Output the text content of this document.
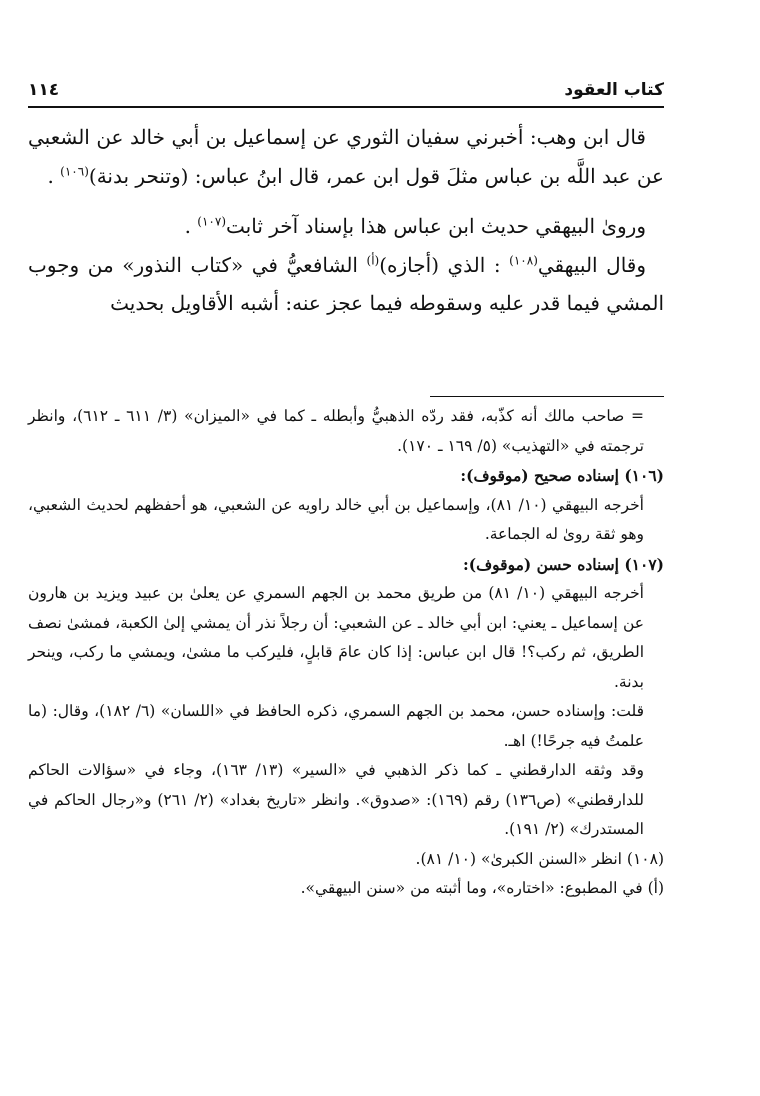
كتاب العقود
١١٤

قال ابن وهب: أخبرني سفيان الثوري عن إسماعيل بن أبي خالد عن الشعبي عن عبد اللَّه بن عباس مثلَ قول ابن عمر، قال ابنُ عباس: (وتنحر بدنة)$^{(١٠٦)}$ .

ورویٰ البیهقي حدیث ابن عباس هذا بإسناد آخر ثابت$^{(١٠٧)}$ .

وقال البیهقي$^{(١٠٨)}$ : الذي (أجازه)$^{(أ)}$ الشافعيُّ في «كتاب النذور» من وجوب المشي فيما قدر عليه وسقوطه فيما عجز عنه: أشبه الأقاويل بحديث

= صاحب مالك أنه كذّبه، فقد ردّه الذهبيُّ وأبطله ـ كما في «المیزان» (٣/ ٦١١ ـ ٦١٢)، وانظر ترجمته في «التهذيب» (٥/ ١٦٩ ـ ١٧٠).

(١٠٦) إسناده صحیح (موقوف):

أخرجه البیهقي (١٠/ ٨١)، وإسماعیل بن أبي خالد راویه عن الشعبي، هو أحفظهم لحدیث الشعبي، وهو ثقة رویٰ له الجماعة.

(١٠٧) إسناده حسن (موقوف):

أخرجه البیهقي (١٠/ ٨١) من طریق محمد بن الجهم السمري عن یعلیٰ بن عبید ویزید بن هارون عن إسماعیل ـ یعني: ابن أبي خالد ـ عن الشعبي: أن رجلاً نذر أن یمشي إلیٰ الكعبة، فمشیٰ نصف الطریق، ثم ركب؟! قال ابن عباس: إذا كان عامَ قابلٍ، فلیركب ما مشیٰ، ویمشي ما ركب، وینحر بدنة.

قلت: وإسناده حسن، محمد بن الجهم السمري، ذكره الحافظ في «اللسان» (٦/ ١٨٢)، وقال: (ما علمتُ فیه جرحًا!) اهـ.

وقد وثقه الدارقطني ـ كما ذكر الذهبي في «السیر» (١٣/ ١٦٣)، وجاء في «سؤالات الحاكم للدارقطني» (ص١٣٦) رقم (١٦٩): «صدوق». وانظر «تاریخ بغداد» (٢/ ٢٦١) و«رجال الحاكم في المستدرك» (٢/ ١٩١).

(١٠٨) انظر «السنن الكبرىٰ» (١٠/ ٨١).

(أ) في المطبوع: «اختاره»، وما أثبته من «سنن البیهقي».
